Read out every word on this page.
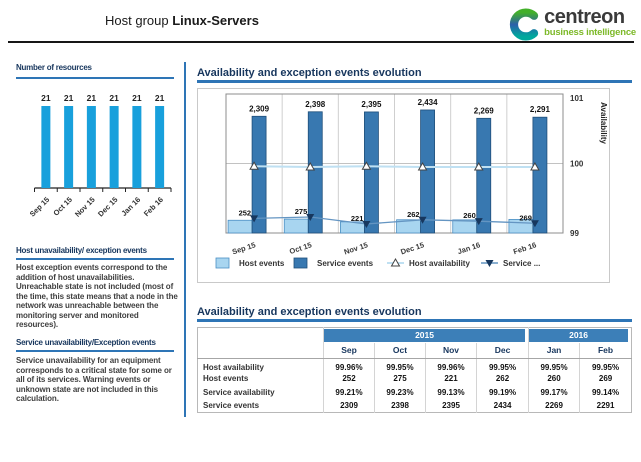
Host group Linux-Servers	centreon
business intelligence
Number of resources
21
Sep 15
21
Oct 15
21
Nov 15
21
Dec 15
21
Jan 16
21
Feb 16
Host unavailability/ exception events
Host exception events correspond to the addition of host unavailabilities. Unreachable state is not included (most of the time, this state means that a node in the network was unreachable between the monitoring server and monitored resources).
Service unavailability/Exception events
Service unavailability for an equipment corresponds to a critical state for some or all of its services. Warning events or unknown state are not included in this calculation.
Availability and exception events evolution
2,309	2,398	2,395	2,434
2,269	2,291
252	275
221	262	260	269
Sep 15	Oct 15	Nov 15	Dec 15	Jan 16	Feb 16
101
100
99
Availability
Host events	Service events	Host availability	Service ...
Availability and exception events evolution

	2015				2016	

	Sep	Oct	Nov	Dec	Jan	Feb
Host availability	99.96%	99.95%	99.96%	99.95%	99.95%	99.95%
Host events	252	275	221	262	260	269
Service availability	99.21%	99.23%	99.13%	99.19%	99.17%	99.14%
Service events	2309	2398	2395	2434	2269	2291
